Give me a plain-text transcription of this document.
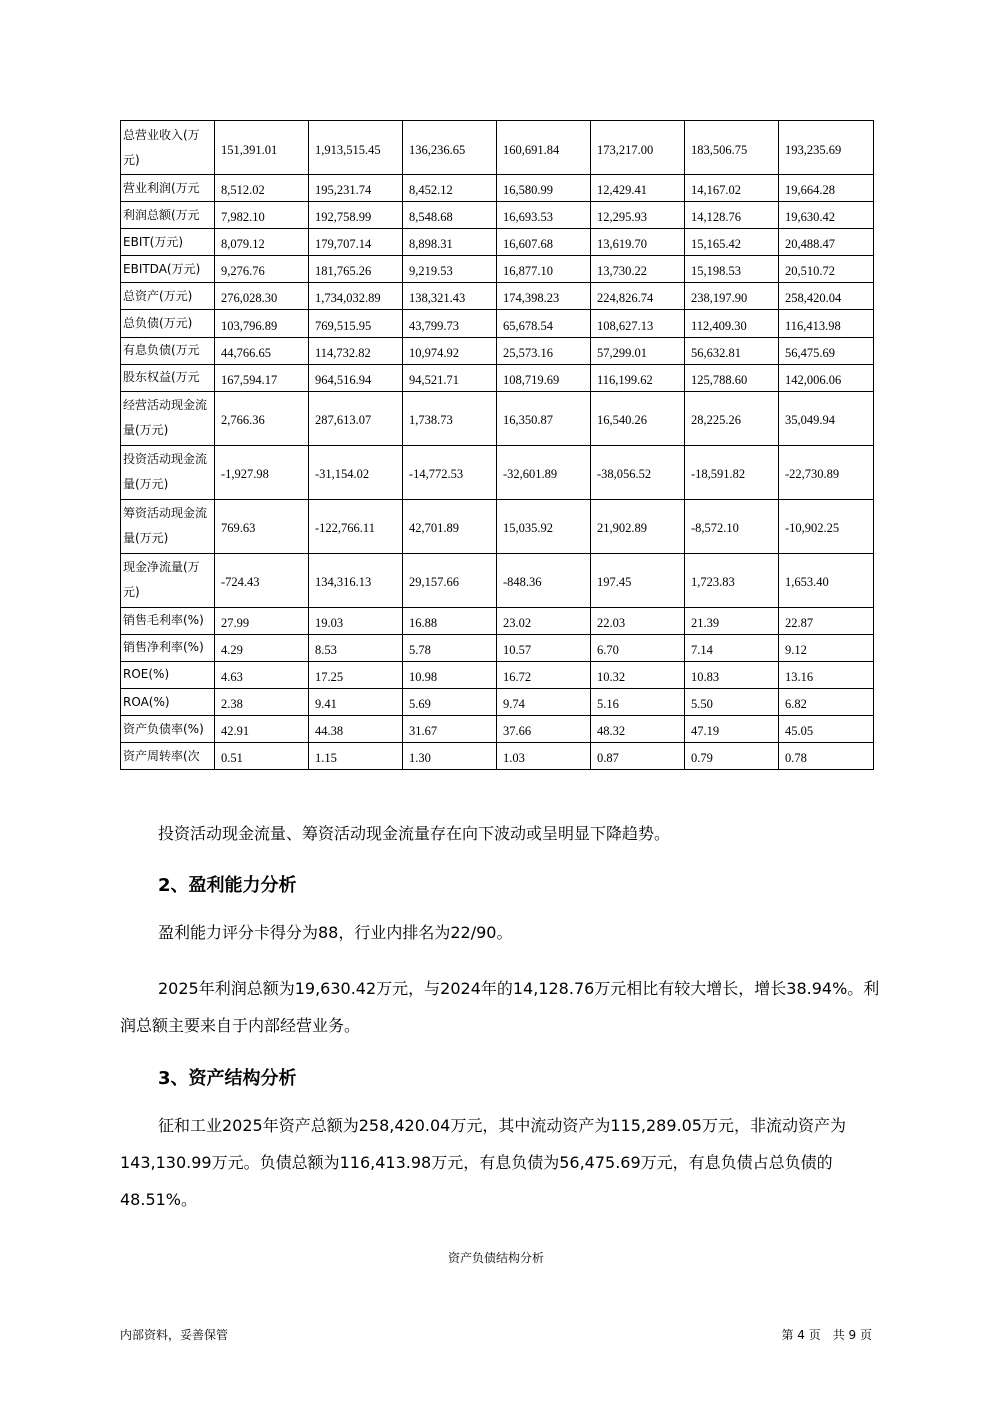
总营业收入(万元)	151,391.01	1,913,515.45	136,236.65	160,691.84	173,217.00	183,506.75	193,235.69
营业利润(万元	8,512.02	195,231.74	8,452.12	16,580.99	12,429.41	14,167.02	19,664.28
利润总额(万元	7,982.10	192,758.99	8,548.68	16,693.53	12,295.93	14,128.76	19,630.42
EBIT(万元)	8,079.12	179,707.14	8,898.31	16,607.68	13,619.70	15,165.42	20,488.47
EBITDA(万元)	9,276.76	181,765.26	9,219.53	16,877.10	13,730.22	15,198.53	20,510.72
总资产(万元)	276,028.30	1,734,032.89	138,321.43	174,398.23	224,826.74	238,197.90	258,420.04
总负债(万元)	103,796.89	769,515.95	43,799.73	65,678.54	108,627.13	112,409.30	116,413.98
有息负债(万元	44,766.65	114,732.82	10,974.92	25,573.16	57,299.01	56,632.81	56,475.69
股东权益(万元	167,594.17	964,516.94	94,521.71	108,719.69	116,199.62	125,788.60	142,006.06
经营活动现金流量(万元)	2,766.36	287,613.07	1,738.73	16,350.87	16,540.26	28,225.26	35,049.94
投资活动现金流量(万元)	-1,927.98	-31,154.02	-14,772.53	-32,601.89	-38,056.52	-18,591.82	-22,730.89
筹资活动现金流量(万元)	769.63	-122,766.11	42,701.89	15,035.92	21,902.89	-8,572.10	-10,902.25
现金净流量(万元)	-724.43	134,316.13	29,157.66	-848.36	197.45	1,723.83	1,653.40
销售毛利率(%)	27.99	19.03	16.88	23.02	22.03	21.39	22.87
销售净利率(%)	4.29	8.53	5.78	10.57	6.70	7.14	9.12
ROE(%)	4.63	17.25	10.98	16.72	10.32	10.83	13.16
ROA(%)	2.38	9.41	5.69	9.74	5.16	5.50	6.82
资产负债率(%)	42.91	44.38	31.67	37.66	48.32	47.19	45.05
资产周转率(次	0.51	1.15	1.30	1.03	0.87	0.79	0.78

投资活动现金流量、筹资活动现金流量存在向下波动或呈明显下降趋势。

2、盈利能力分析

盈利能力评分卡得分为88，行业内排名为22/90。

2025年利润总额为19,630.42万元，与2024年的14,128.76万元相比有较大增长，增长38.94%。利润总额主要来自于内部经营业务。

3、资产结构分析

征和工业2025年资产总额为258,420.04万元，其中流动资产为115,289.05万元，非流动资产为143,130.99万元。负债总额为116,413.98万元，有息负债为56,475.69万元，有息负债占总负债的48.51%。

资产负债结构分析
内部资料，妥善保管	第 4 页　共 9 页
